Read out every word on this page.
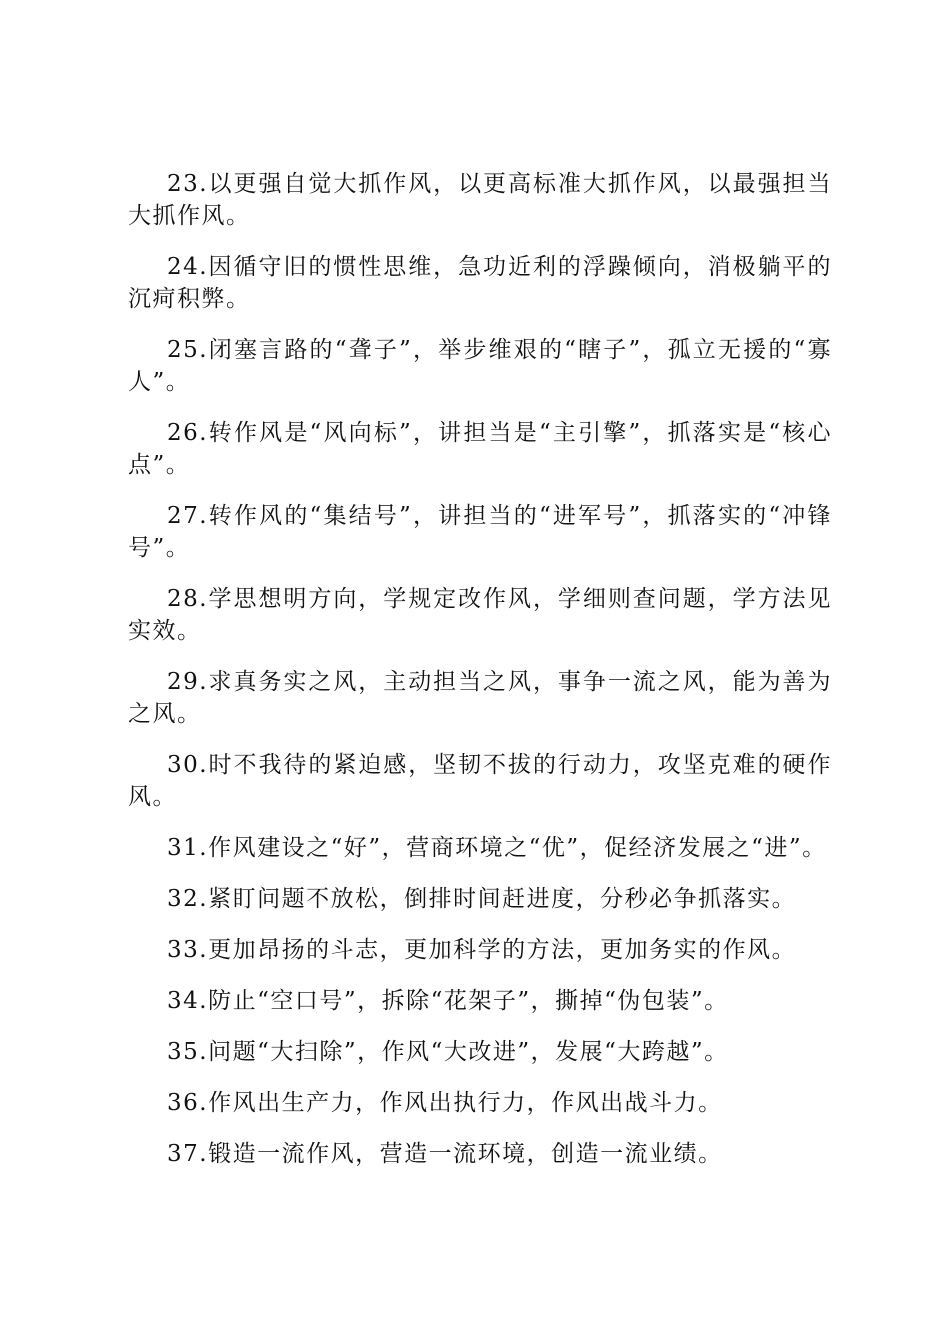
23.以更强自觉大抓作风，以更高标准大抓作风，以最强担当大抓作风。

24.因循守旧的惯性思维，急功近利的浮躁倾向，消极躺平的沉疴积弊。

25.闭塞言路的“聋子”，举步维艰的“瞎子”，孤立无援的“寡人”。

26.转作风是“风向标”，讲担当是“主引擎”，抓落实是“核心点”。

27.转作风的“集结号”，讲担当的“进军号”，抓落实的“冲锋号”。

28.学思想明方向，学规定改作风，学细则查问题，学方法见实效。

29.求真务实之风，主动担当之风，事争一流之风，能为善为之风。

30.时不我待的紧迫感，坚韧不拔的行动力，攻坚克难的硬作风。

31.作风建设之“好”，营商环境之“优”，促经济发展之“进”。

32.紧盯问题不放松，倒排时间赶进度，分秒必争抓落实。

33.更加昂扬的斗志，更加科学的方法，更加务实的作风。

34.防止“空口号”，拆除“花架子”，撕掉“伪包装”。

35.问题“大扫除”，作风“大改进”，发展“大跨越”。

36.作风出生产力，作风出执行力，作风出战斗力。

37.锻造一流作风，营造一流环境，创造一流业绩。
